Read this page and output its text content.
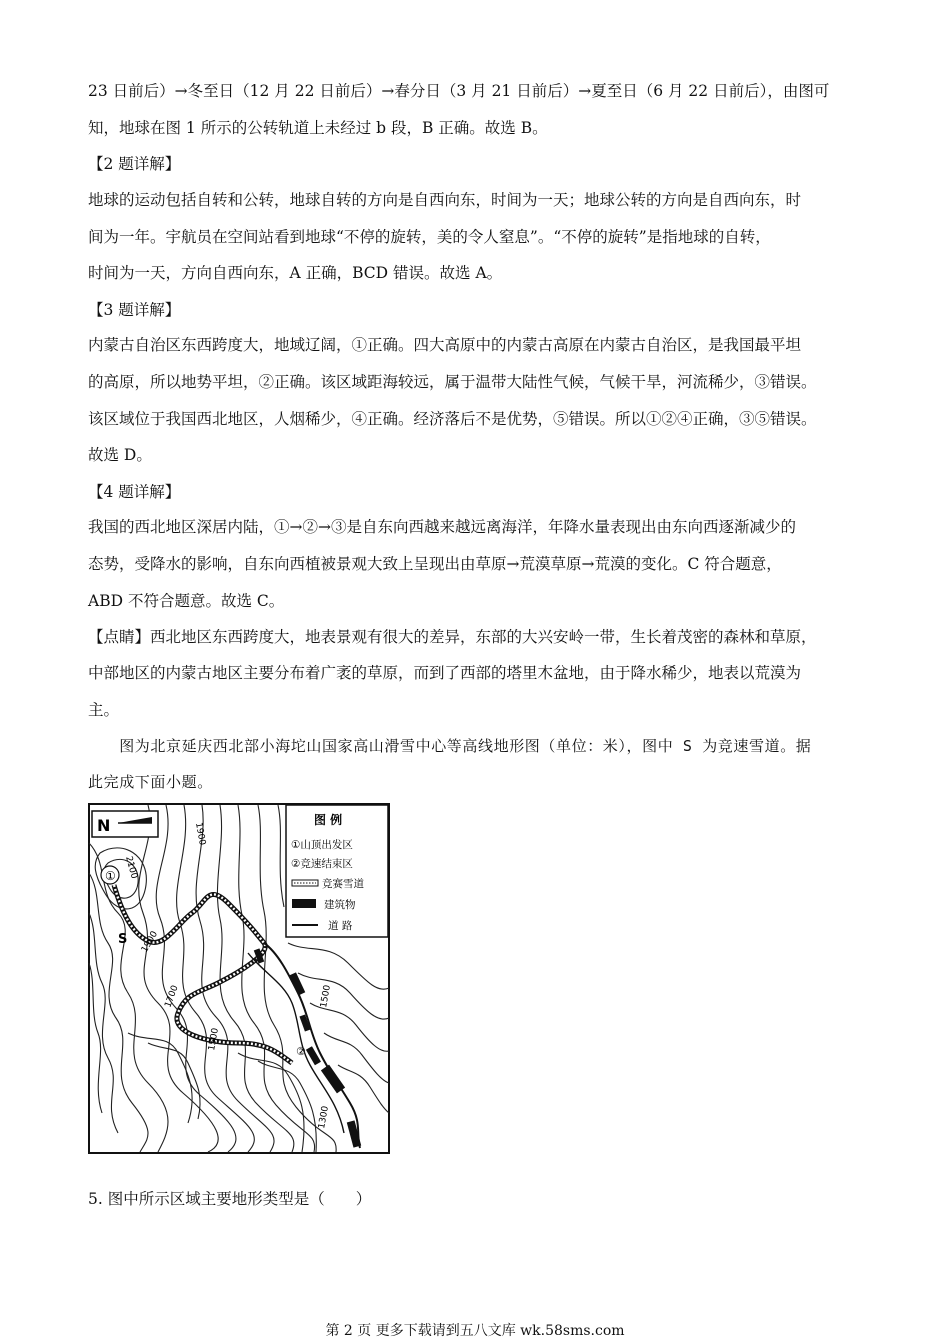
23 日前后）→冬至日（12 月 22 日前后）→春分日（3 月 21 日前后）→夏至日（6 月 22 日前后），由图可
知，地球在图 1 所示的公转轨道上未经过 b 段，B 正确。故选 B。
【2 题详解】
地球的运动包括自转和公转，地球自转的方向是自西向东，时间为一天；地球公转的方向是自西向东，时
间为一年。宇航员在空间站看到地球“不停的旋转，美的令人窒息”。“不停的旋转”是指地球的自转，
时间为一天，方向自西向东，A 正确，BCD 错误。故选 A。
【3 题详解】
内蒙古自治区东西跨度大，地域辽阔，①正确。四大高原中的内蒙古高原在内蒙古自治区，是我国最平坦
的高原，所以地势平坦，②正确。该区域距海较远，属于温带大陆性气候，气候干旱，河流稀少，③错误。
该区域位于我国西北地区，人烟稀少，④正确。经济落后不是优势，⑤错误。所以①②④正确，③⑤错误。
故选 D。
【4 题详解】
我国的西北地区深居内陆，①→②→③是自东向西越来越远离海洋，年降水量表现出由东向西逐渐减少的
态势，受降水的影响，自东向西植被景观大致上呈现出由草原→荒漠草原→荒漠的变化。C 符合题意，
ABD 不符合题意。故选 C。
【点睛】西北地区东西跨度大，地表景观有很大的差异，东部的大兴安岭一带，生长着茂密的森林和草原，
中部地区的内蒙古地区主要分布着广袤的草原，而到了西部的塔里木盆地，由于降水稀少，地表以荒漠为
主。
　　图为北京延庆西北部小海坨山国家高山滑雪中心等高线地形图（单位：米），图中 S 为竞速雪道。据
此完成下面小题。
①
S
②
1900
2100
1900
1700
1500
1500
1300
N	图 例
①山顶出发区
②竞速结束区
竞赛雪道
建筑物
道 路
5. 图中所示区域主要地形类型是（　　）
第 2 页 更多下载请到五八文库 wk.58sms.com
